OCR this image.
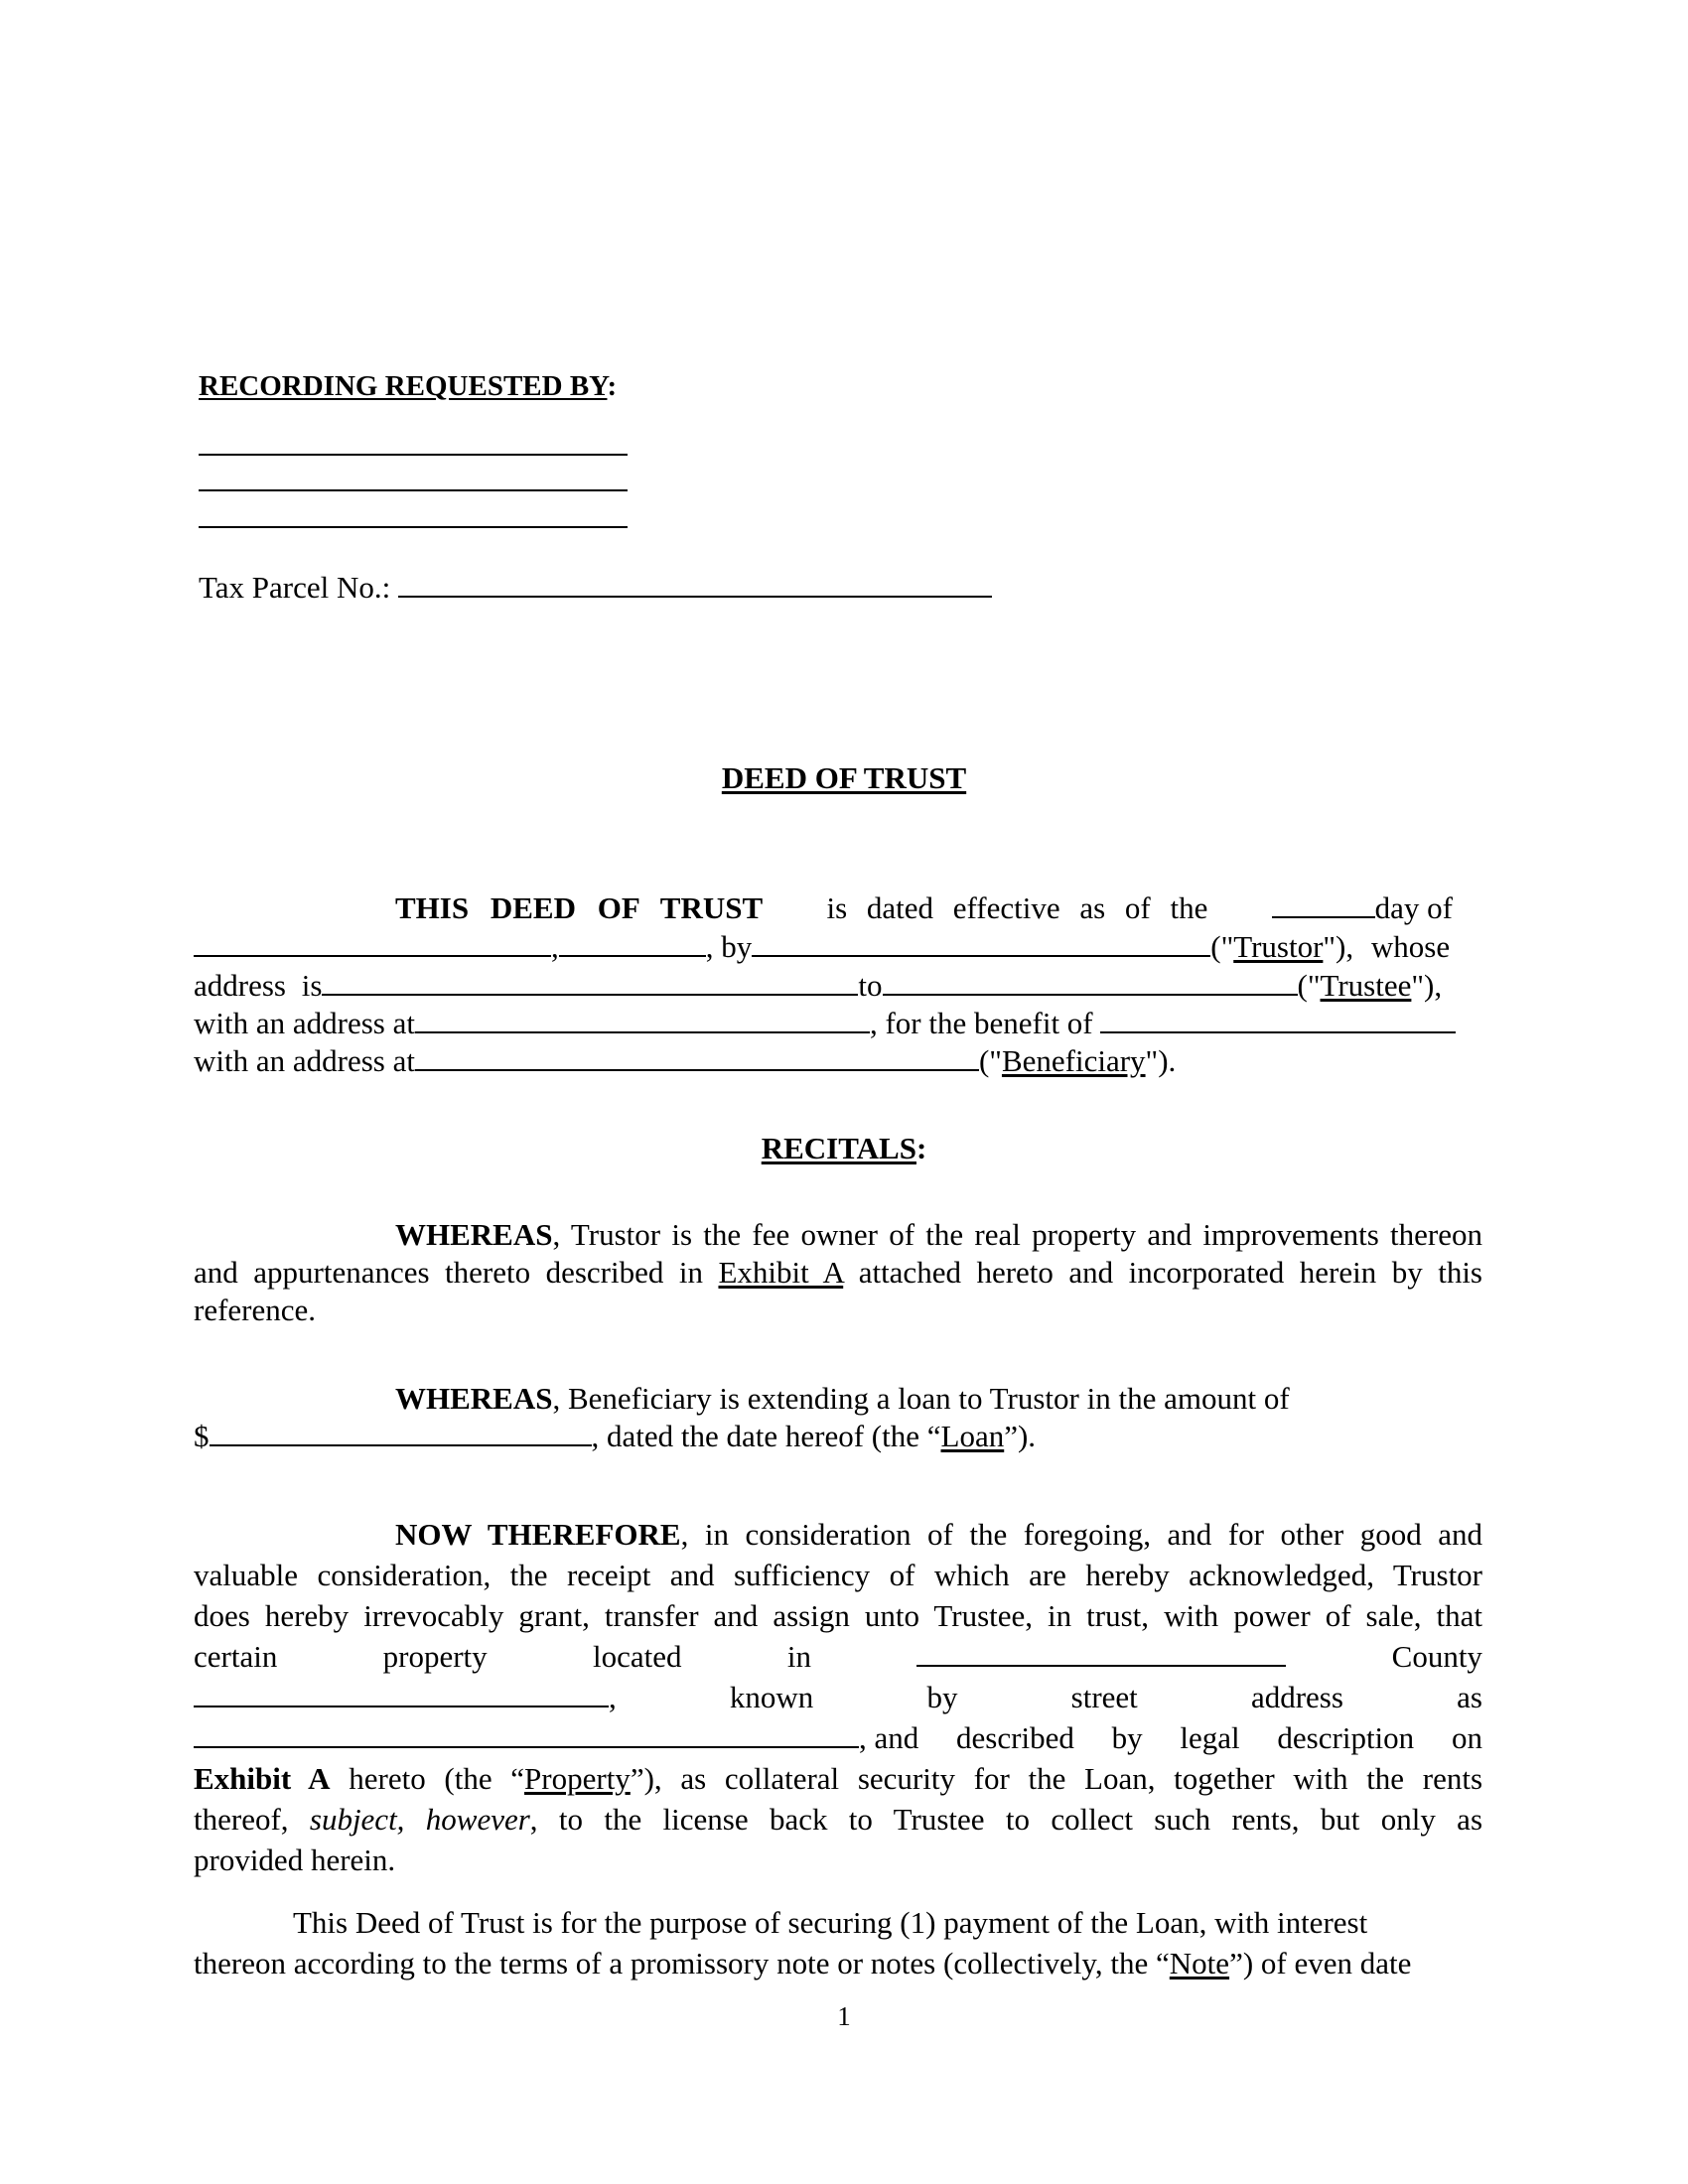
RECORDING REQUESTED BY:
Tax Parcel No.:
DEED OF TRUST
THIS DEED OF TRUST is dated effective as of the	day of
,	, by	("Trustor"), whose
address is	to	("Trustee"),
with an address at	, for the benefit of
with an address at	("Beneficiary").
RECITALS:
WHEREAS, Trustor is the fee owner of the real property and improvements thereon and appurtenances thereto described in Exhibit A attached hereto and incorporated herein by this reference.
WHEREAS, Beneficiary is extending a loan to Trustor in the amount of
$	, dated the date hereof (the “Loan”).
NOW THEREFORE, in consideration of the foregoing, and for other good and
valuable consideration, the receipt and sufficiency of which are hereby acknowledged, Trustor
does hereby irrevocably grant, transfer and assign unto Trustee, in trust, with power of sale, that
certain	property	located	in	County
,	known	by	street	address	as
, and described by legal description on
Exhibit A hereto (the “Property”), as collateral security for the Loan, together with the rents
thereof, subject, however, to the license back to Trustee to collect such rents, but only as
provided herein.
This Deed of Trust is for the purpose of securing (1) payment of the Loan, with interest
thereon according to the terms of a promissory note or notes (collectively, the “Note”) of even date
1
